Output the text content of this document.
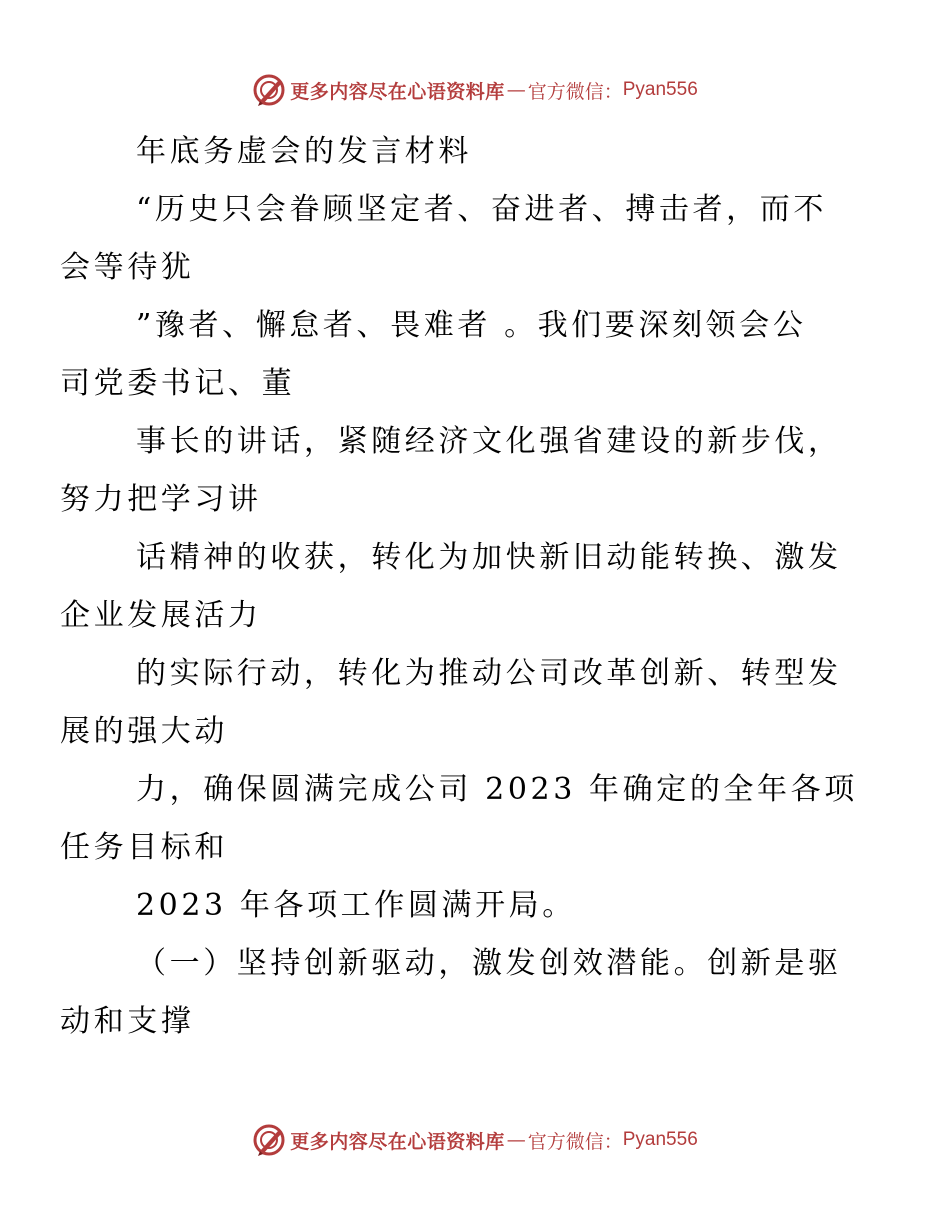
更多内容尽在心语资料库 — 官方微信： Pyan556

年底务虚会的发言材料

“历史只会眷顾坚定者、奋进者、搏击者，而不
会等待犹

”豫者、懈怠者、畏难者 。我们要深刻领会公
司党委书记、董

事长的讲话，紧随经济文化强省建设的新步伐，
努力把学习讲

话精神的收获，转化为加快新旧动能转换、激发
企业发展活力

的实际行动，转化为推动公司改革创新、转型发
展的强大动

力，确保圆满完成公司 2023 年确定的全年各项
任务目标和

2023 年各项工作圆满开局。

（一）坚持创新驱动，激发创效潜能。创新是驱
动和支撑

更多内容尽在心语资料库 — 官方微信： Pyan556
